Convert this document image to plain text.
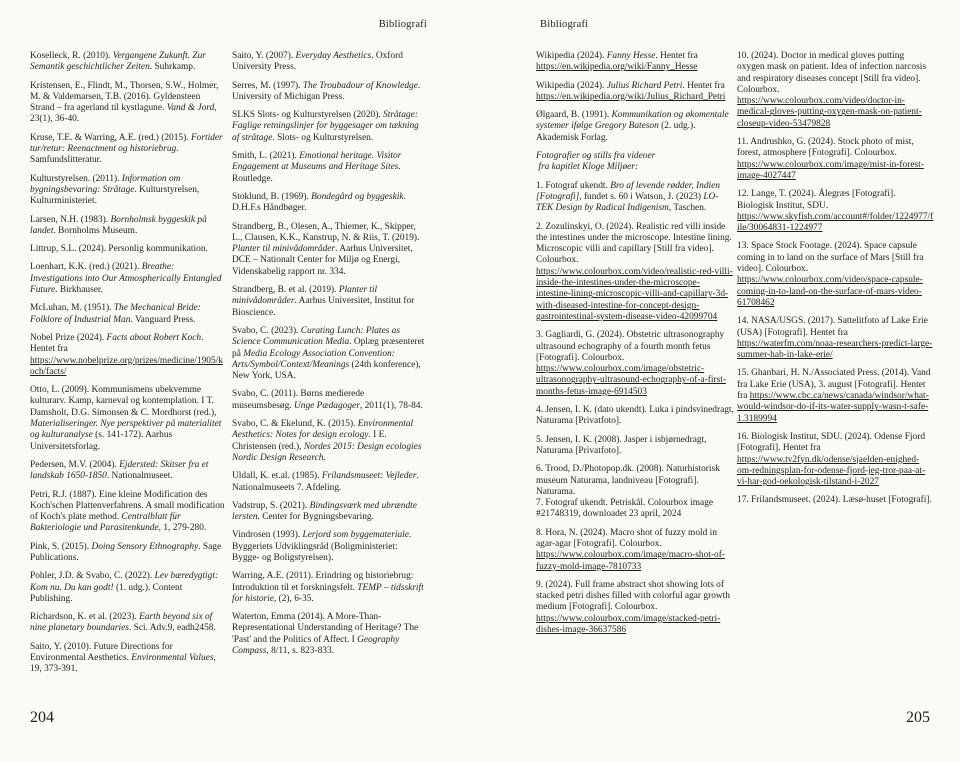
Bibliografi

Koselleck, R. (2010). Vergangene Zukunft. Zur Semantik geschichtlicher Zeiten. Suhrkamp.

Kristensen, E., Flindt, M., Thorsen, S.W., Holmer, M. & Valdemarsen, T.B. (2016). Gyldensteen Strand – fra agerland til kystlagune. Vand & Jord, 23(1), 36-40.

Kruse, T.E. & Warring, A.E. (red.) (2015). Fortider tur/retur: Reenactment og historiebrug. Samfundslitteratur.

Kulturstyrelsen. (2011). Information om bygningsbevaring: Stråtage. Kulturstyrelsen, Kulturministeriet.

Larsen, N.H. (1983). Bornholmsk byggeskik på landet. Bornholms Museum.

Littrup, S.L. (2024). Personlig kommunikation.

Loenhart, K.K. (red.) (2021). Breathe: Investigations into Our Atmospherically Entangled Future. Birkhauser.

McLuhan, M. (1951). The Mechanical Bride: Folklore of Industrial Man. Vanguard Press.

Nobel Prize (2024). Facts about Robert Koch. Hentet fra https://www.nobelprize.org/prizes/medicine/1905/koch/facts/

Otto, L. (2009). Kommunismens ubekvemme kulturarv. Kamp, karneval og kontemplation. I T. Damsholt, D.G. Simonsen & C. Mordhorst (red.), Materialiseringer. Nye perspektiver på materialitet og kulturanalyse (s. 141-172). Aarhus Universitetsforlag.

Pedersen, M.V. (2004). Ejdersted: Skitser fra et landskab 1650-1850. Nationalmuseet.

Petri, R.J. (1887). Eine kleine Modification des Koch'schen Plattenverfahrens. A small modification of Koch's plate method. Centralblatt für Bakteriologie und Parasitenkunde, 1, 279-280.

Pink, S. (2015). Doing Sensory Ethnography. Sage Publications.

Pohler, J.D. & Svabo, C. (2022). Lev bæredygtigt: Kom nu. Du kan godt! (1. udg.). Content Publishing.

Richardson, K. et al. (2023). Earth beyond six of nine planetary boundaries. Sci. Adv.9, eadh2458.

Saito, Y. (2010). Future Directions for Environmental Aesthetics. Environmental Values, 19, 373-391.

Saito, Y. (2007). Everyday Aesthetics. Oxford University Press.

Serres, M. (1997). The Troubadour of Knowledge. University of Michigan Press.

SLKS Slots- og Kulturstyrelsen (2020). Stråtage: Faglige retningslinjer for byggesager om tækning af stråtage. Slots- og Kulturstyrelsen.

Smith, L. (2021). Emotional heritage. Visitor Engagement at Museums and Heritage Sites. Routledge.

Stoklund, B. (1969). Bondegård og byggeskik. D.H.F.s Håndbøger.

Strandberg, B., Olesen, A., Thiemer, K., Skipper, L., Clausen, K.K., Kanstrup, N. & Riis, T. (2019). Planter til minivådområder. Aarhus Universitet, DCE – Nationalt Center for Miljø og Energi, Videnskabelig rapport nr. 334.

Strandberg, B. et al. (2019). Planter til minivådområder. Aarhus Universitet, Institut for Bioscience.

Svabo, C. (2023). Curating Lunch: Plates as Science Communication Media. Oplæg præsenteret på Media Ecology Association Convention: Arts/Symbol/Context/Meanings (24th konference), New York, USA.

Svabo, C. (2011). Børns medierede museumsbesøg. Unge Pædagoger, 2011(1), 78-84.

Svabo, C. & Ekelund, K. (2015). Environmental Aesthetics: Notes for design ecology. I E. Christensen (red.), Nordes 2015: Design ecologies Nordic Design Research.

Uldall, K. et.al. (1985). Frilandsmuseet: Vejleder. Nationalmuseets 7. Afdeling.

Vadstrup, S. (2021). Bindingsværk med ubrændte lersten. Center for Bygningsbevaring.

Vindrosen (1993). Lerjord som byggemateriale. Byggeriets Udviklingsråd (Boligministeriet: Bygge- og Boligstyrelsen).

Warring, A.E. (2011). Erindring og historiebrug: Introduktion til et forskningsfelt. TEMP – tidsskrift for historie, (2), 6-35.

Waterton, Emma (2014). A More-Than-Representational Understanding of Heritage? The 'Past' and the Politics of Affect. I Geography Compass, 8/11, s. 823-833.

204
Bibliografi

Wikipedia (2024). Fanny Hesse. Hentet fra https://en.wikipedia.org/wiki/Fanny_Hesse

Wikipedia (2024). Julius Richard Petri. Hentet fra https://en.wikipedia.org/wiki/Julius_Richard_Petri

Ølgaard, B. (1991). Kommunikation og økomentale systemer ifølge Gregory Bateson (2. udg.). Akademisk Forlag.

Fotografier og stills fra videoer
fra kapitlet Kloge Miljøer:

1. Fotograf ukendt. Bro af levende rødder, Indien [Fotografi], fundet s. 60 i Watson, J. (2023) LO-TEK Design by Radical Indigenism, Taschen.

2. Zozulinskyi, O. (2024). Realistic red villi inside the intestines under the microscope. Intestine lining. Microscopic villi and capillary [Still fra video]. Colourbox. https://www.colourbox.com/video/realistic-red-villi-inside-the-intestines-under-the-microscope-intestine-lining-microscopic-villi-and-capillary-3d-with-diseased-intestine-for-concept-design-gastrointestinal-system-disease-video-42099704

3. Gagliardi, G. (2024). Obstetric ultrasonography ultrasound echography of a fourth month fetus [Fotografi]. Colourbox. https://www.colourbox.com/image/obstetric-ultrasonography-ultrasound-echography-of-a-first-months-fetus-image-6914503

4. Jensen, I. K. (dato ukendt). Luka i pindsvinedragt, Naturama [Privatfoto].

5. Jensen, I. K. (2008). Jasper i isbjørnedragt, Naturama [Privatfoto].

6. Trood, D./Photopop.dk. (2008). Naturhistorisk museum Naturama, landniveau [Fotografi]. Naturama.

7. Fotograf ukendt. Petriskål. Colourbox image #21748319, downloadet 23 april, 2024

8. Hora, N. (2024). Macro shot of fuzzy mold in agar-agar [Fotografi]. Colourbox. https://www.colourbox.com/image/macro-shot-of-fuzzy-mold-image-7810733

9. (2024). Full frame abstract shot showing lots of stacked petri dishes filled with colorful agar growth medium [Fotografi]. Colourbox. https://www.colourbox.com/image/stacked-petri-dishes-image-36637586

10. (2024). Doctor in medical gloves putting oxygen mask on patient. Idea of infection narcosis and respiratory diseases concept [Still fra video]. Colourbox. https://www.colourbox.com/video/doctor-in-medical-gloves-putting-oxygen-mask-on-patient-closeup-video-53479828

11. Andrushko, G. (2024). Stock photo of mist, forest, atmosphere [Fotografi]. Colourbox. https://www.colourbox.com/image/mist-in-forest-image-4027447

12. Lange, T. (2024). Ålegræs [Fotografi]. Biologisk Institut, SDU. https://www.skyfish.com/account#/folder/1224977/file/30064831-1224977

13. Space Stock Footage. (2024). Space capsule coming in to land on the surface of Mars [Still fra video]. Colourbox. https://www.colourbox.com/video/space-capsule-coming-in-to-land-on-the-surface-of-mars-video-61708462

14. NASA/USGS. (2017). Sattelitfoto af Lake Erie (USA) [Fotografi]. Hentet fra https://waterfm.com/noaa-researchers-predict-large-summer-hab-in-lake-erie/

15. Ghanbari, H. N./Associated Press. (2014). Vand fra Lake Erie (USA), 3. august [Fotografi]. Hentet fra https://www.cbc.ca/news/canada/windsor/what-would-windsor-do-if-its-water-supply-wasn-t-safe-1.3189994

16. Biologisk Institut, SDU. (2024). Odense Fjord [Fotografi]. Hentet fra https://www.tv2fyn.dk/odense/sjaelden-enighed-om-redningsplan-for-odense-fjord-jeg-tror-paa-at-vi-har-god-oekologisk-tilstand-i-2027

17. Frilandsmuseet. (2024). Læsø-huset [Fotografi].

205
